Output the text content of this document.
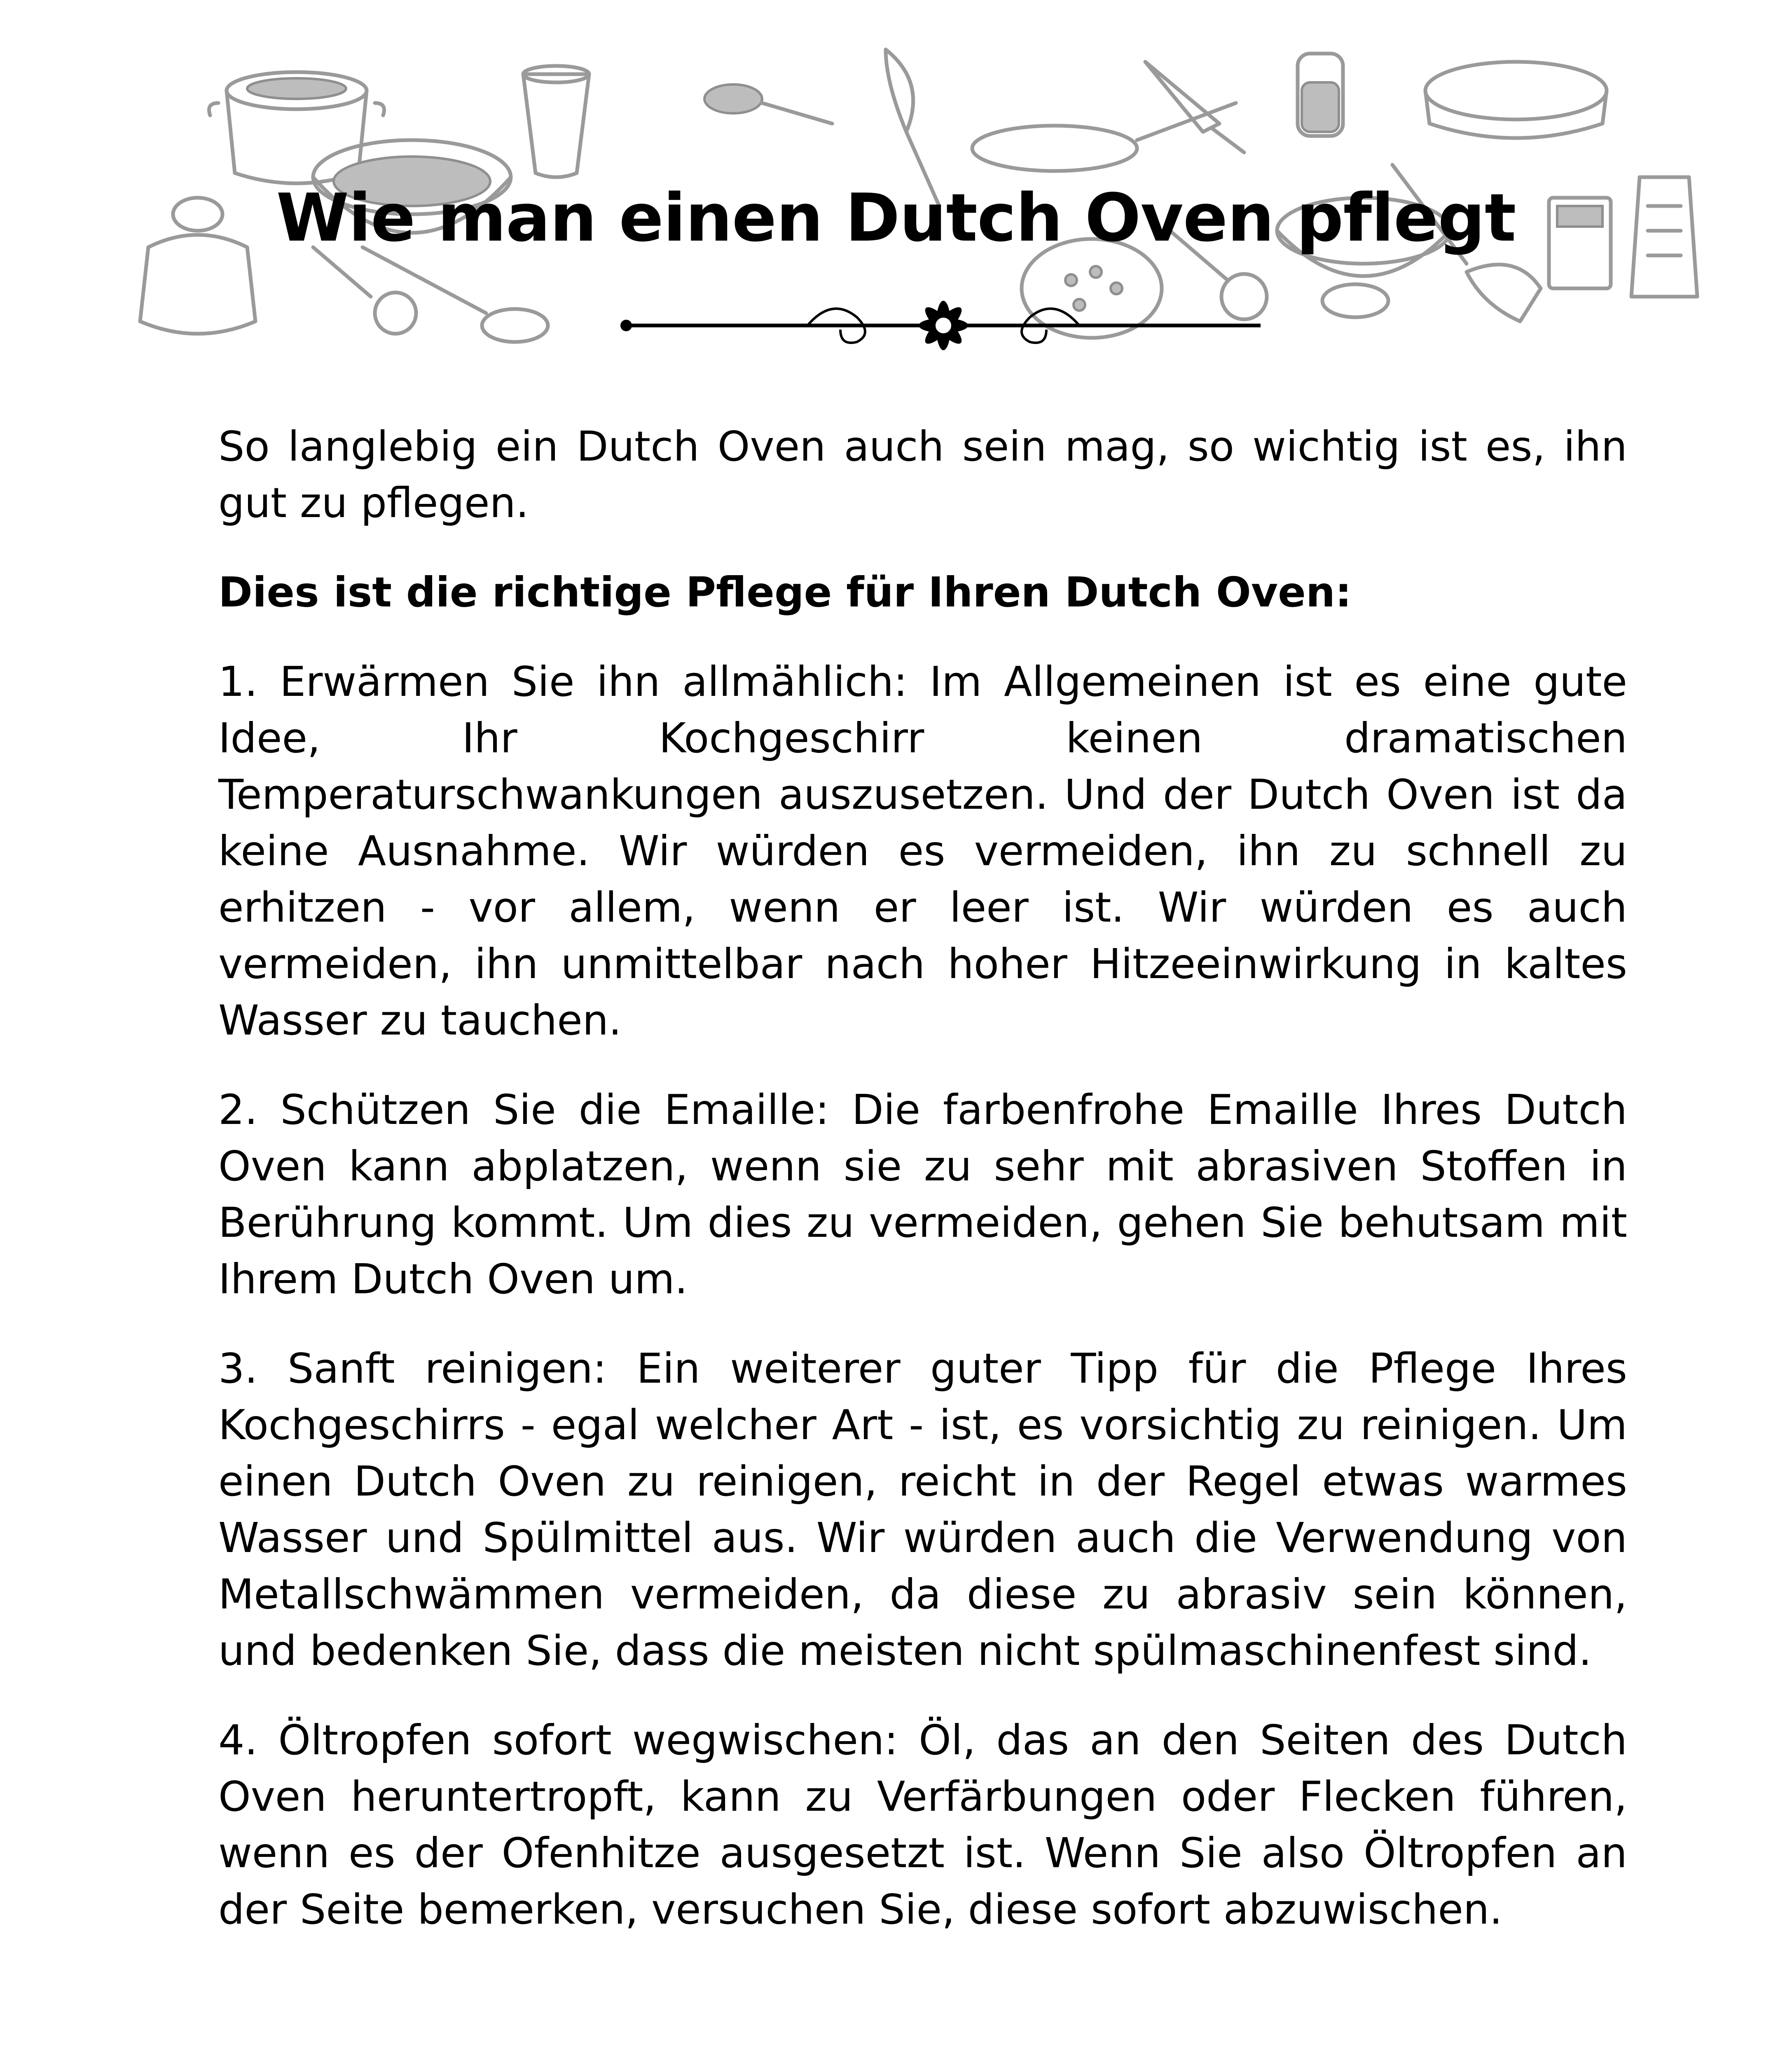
Wie man einen Dutch Oven pflegt

So langlebig ein Dutch Oven auch sein mag, so wichtig ist es, ihn gut zu pflegen.

Dies ist die richtige Pflege für Ihren Dutch Oven:

1. Erwärmen Sie ihn allmählich: Im Allgemeinen ist es eine gute Idee, Ihr Kochgeschirr keinen dramatischen Temperaturschwankungen auszusetzen. Und der Dutch Oven ist da keine Ausnahme. Wir würden es vermeiden, ihn zu schnell zu erhitzen - vor allem, wenn er leer ist. Wir würden es auch vermeiden, ihn unmittelbar nach hoher Hitzeeinwirkung in kaltes Wasser zu tauchen.

2. Schützen Sie die Emaille: Die farbenfrohe Emaille Ihres Dutch Oven kann abplatzen, wenn sie zu sehr mit abrasiven Stoffen in Berührung kommt. Um dies zu vermeiden, gehen Sie behutsam mit Ihrem Dutch Oven um.

3. Sanft reinigen: Ein weiterer guter Tipp für die Pflege Ihres Kochgeschirrs - egal welcher Art - ist, es vorsichtig zu reinigen. Um einen Dutch Oven zu reinigen, reicht in der Regel etwas warmes Wasser und Spülmittel aus. Wir würden auch die Verwendung von Metallschwämmen vermeiden, da diese zu abrasiv sein können, und bedenken Sie, dass die meisten nicht spülmaschinenfest sind.

4. Öltropfen sofort wegwischen: Öl, das an den Seiten des Dutch Oven heruntertropft, kann zu Verfärbungen oder Flecken führen, wenn es der Ofenhitze ausgesetzt ist. Wenn Sie also Öltropfen an der Seite bemerken, versuchen Sie, diese sofort abzuwischen.
